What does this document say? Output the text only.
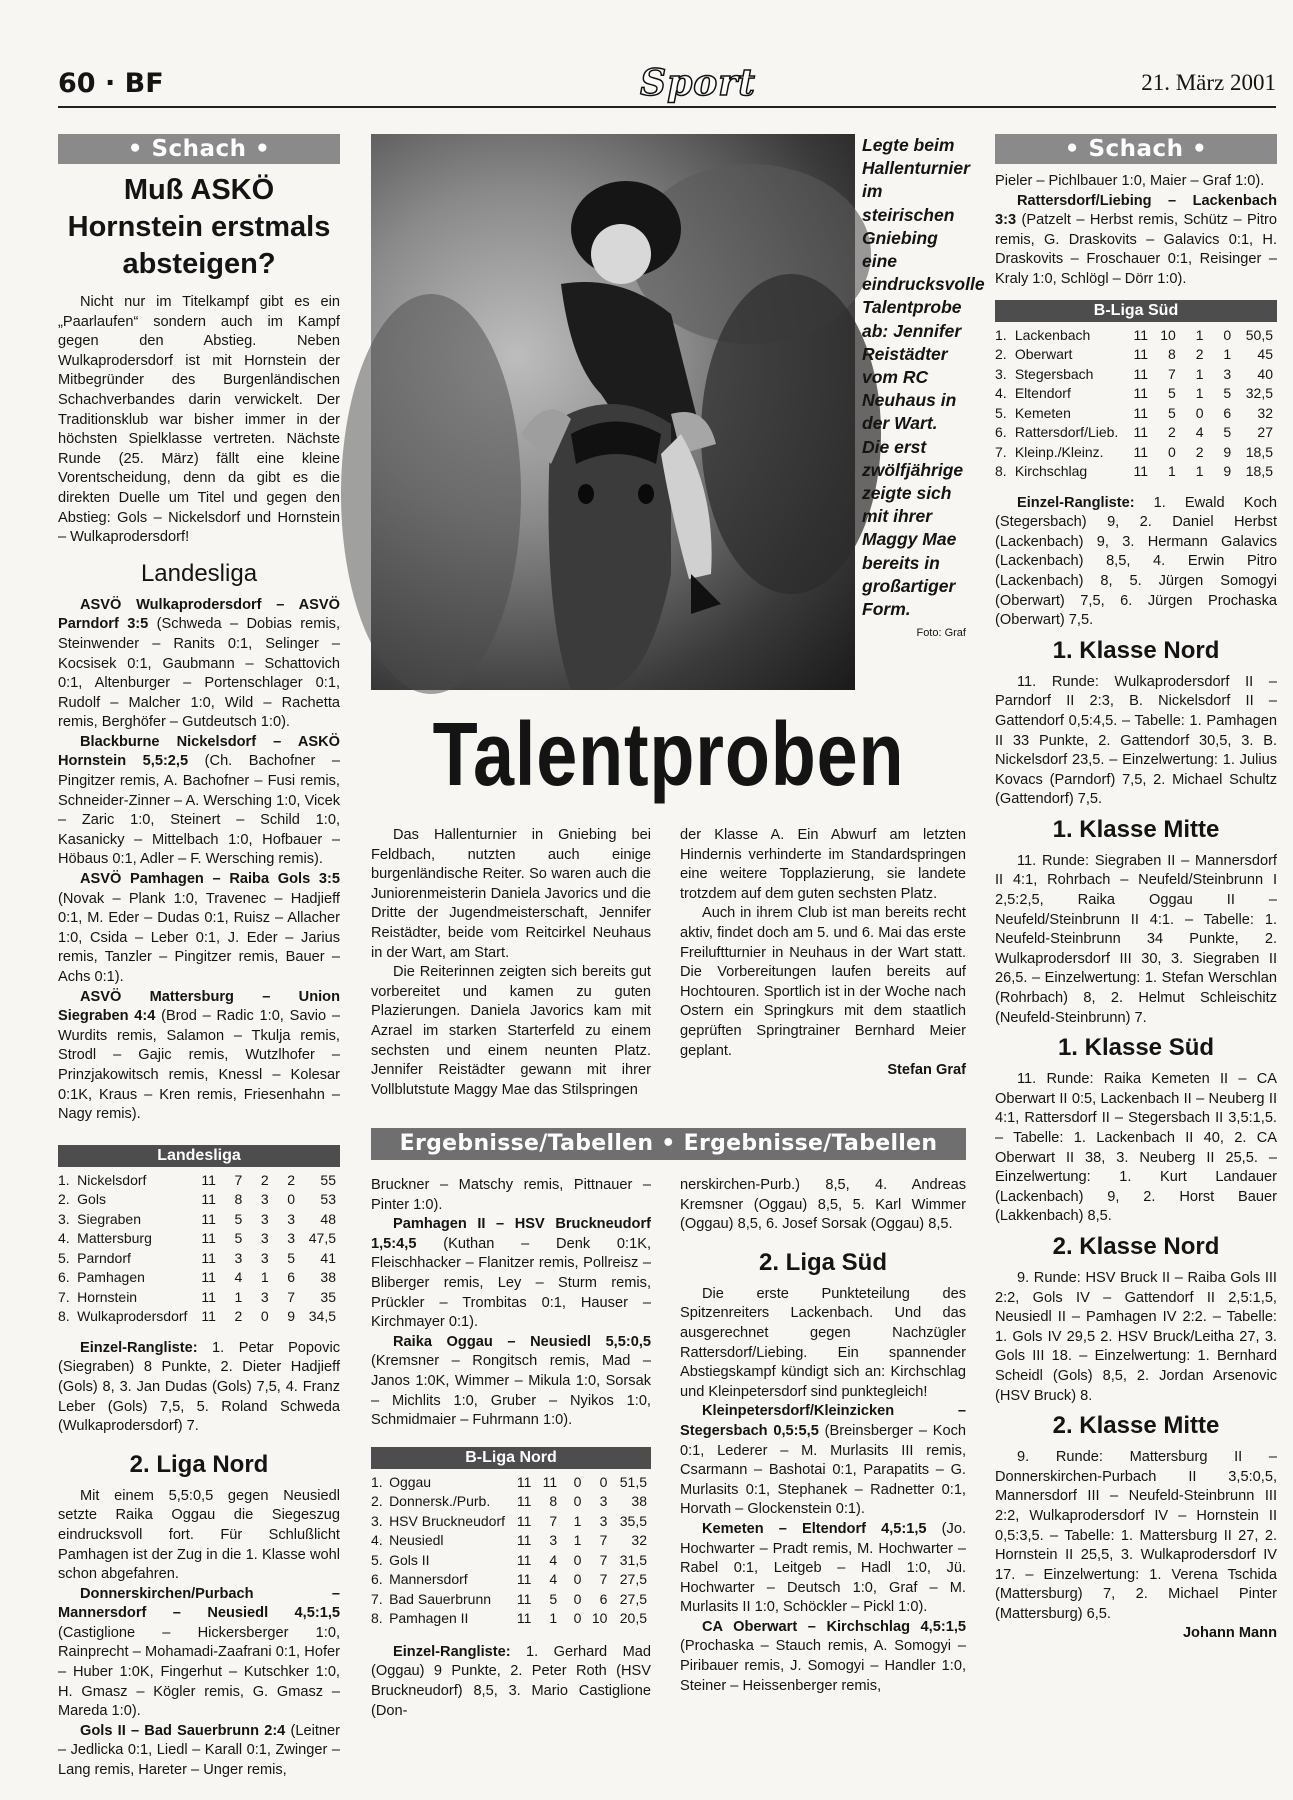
60 · BF	Sport	21. März 2001
• Schach •
Muß ASKÖ Hornstein erstmals absteigen?

Nicht nur im Titelkampf gibt es ein „Paarlaufen“ sondern auch im Kampf gegen den Abstieg. Neben Wulkaprodersdorf ist mit Hornstein der Mitbegründer des Burgenländischen Schachverbandes darin verwickelt. Der Traditionsklub war bisher immer in der höchsten Spielklasse vertreten. Nächste Runde (25. März) fällt eine kleine Vorentscheidung, denn da gibt es die direkten Duelle um Titel und gegen den Abstieg: Gols – Nickelsdorf und Hornstein – Wulkaprodersdorf!

Landesliga

ASVÖ Wulkaprodersdorf – ASVÖ Parndorf 3:5 (Schweda – Dobias remis, Steinwender – Ranits 0:1, Selinger – Kocsisek 0:1, Gaubmann – Schattovich 0:1, Altenburger – Portenschlager 0:1, Rudolf – Malcher 1:0, Wild – Rachetta remis, Berghöfer – Gutdeutsch 1:0).

Blackburne Nickelsdorf – ASKÖ Hornstein 5,5:2,5 (Ch. Bachofner – Pingitzer remis, A. Bachofner – Fusi remis, Schneider-Zinner – A. Wersching 1:0, Vicek – Zaric 1:0, Steinert – Schild 1:0, Kasanicky – Mittelbach 1:0, Hofbauer – Höbaus 0:1, Adler – F. Wersching remis).

ASVÖ Pamhagen – Raiba Gols 3:5 (Novak – Plank 1:0, Travenec – Hadjieff 0:1, M. Eder – Dudas 0:1, Ruisz – Allacher 1:0, Csida – Leber 0:1, J. Eder – Jarius remis, Tanzler – Pingitzer remis, Bauer – Achs 0:1).

ASVÖ Mattersburg – Union Siegraben 4:4 (Brod – Radic 1:0, Savio – Wurdits remis, Salamon – Tkulja remis, Strodl – Gajic remis, Wutzlhofer – Prinzjakowitsch remis, Knessl – Kolesar 0:1K, Kraus – Kren remis, Friesenhahn – Nagy remis).

Landesliga
1.	Nickelsdorf	11	7	2	2	55
2.	Gols	11	8	3	0	53
3.	Siegraben	11	5	3	3	48
4.	Mattersburg	11	5	3	3	47,5
5.	Parndorf	11	3	3	5	41
6.	Pamhagen	11	4	1	6	38
7.	Hornstein	11	1	3	7	35
8.	Wulkaprodersdorf	11	2	0	9	34,5

Einzel-Rangliste: 1. Petar Popovic (Siegraben) 8 Punkte, 2. Dieter Hadjieff (Gols) 8, 3. Jan Dudas (Gols) 7,5, 4. Franz Leber (Gols) 7,5, 5. Roland Schweda (Wulkaprodersdorf) 7.

2. Liga Nord

Mit einem 5,5:0,5 gegen Neusiedl setzte Raika Oggau die Siegeszug eindrucksvoll fort. Für Schlußlicht Pamhagen ist der Zug in die 1. Klasse wohl schon abgefahren.

Donnerskirchen/Purbach – Mannersdorf – Neusiedl 4,5:1,5 (Castiglione – Hickersberger 1:0, Rainprecht – Mohamadi-Zaafrani 0:1, Hofer – Huber 1:0K, Fingerhut – Kutschker 1:0, H. Gmasz – Kögler remis, G. Gmasz – Mareda 1:0).

Gols II – Bad Sauerbrunn 2:4 (Leitner – Jedlicka 0:1, Liedl – Karall 0:1, Zwinger – Lang remis, Hareter – Unger remis,

Legte beim Hallenturnier im steirischen Gniebing eine eindrucksvolle Talentprobe ab: Jennifer Reistädter vom RC Neuhaus in der Wart. Die erst zwölfjährige zeigte sich mit ihrer Maggy Mae bereits in großartiger Form.
Foto: Graf
Talentproben

Das Hallenturnier in Gniebing bei Feldbach, nutzten auch einige burgenländische Reiter. So waren auch die Juniorenmeisterin Daniela Javorics und die Dritte der Jugendmeisterschaft, Jennifer Reistädter, beide vom Reitcirkel Neuhaus in der Wart, am Start.

Die Reiterinnen zeigten sich bereits gut vorbereitet und kamen zu guten Plazierungen. Daniela Javorics kam mit Azrael im starken Starterfeld zu einem sechsten und einem neunten Platz. Jennifer Reistädter gewann mit ihrer Vollblutstute Maggy Mae das Stilspringen

der Klasse A. Ein Abwurf am letzten Hindernis verhinderte im Standardspringen eine weitere Topplazierung, sie landete trotzdem auf dem guten sechsten Platz.

Auch in ihrem Club ist man bereits recht aktiv, findet doch am 5. und 6. Mai das erste Freiluftturnier in Neuhaus in der Wart statt. Die Vorbereitungen laufen bereits auf Hochtouren. Sportlich ist in der Woche nach Ostern ein Springkurs mit dem staatlich geprüften Springtrainer Bernhard Meier geplant.

Stefan Graf
Ergebnisse/Tabellen • Ergebnisse/Tabellen

Bruckner – Matschy remis, Pittnauer – Pinter 1:0).

Pamhagen II – HSV Bruckneudorf 1,5:4,5 (Kuthan – Denk 0:1K, Fleischhacker – Flanitzer remis, Pollreisz – Bliberger remis, Ley – Sturm remis, Prückler – Trombitas 0:1, Hauser – Kirchmayer 0:1).

Raika Oggau – Neusiedl 5,5:0,5 (Kremsner – Rongitsch remis, Mad – Janos 1:0K, Wimmer – Mikula 1:0, Sorsak – Michlits 1:0, Gruber – Nyikos 1:0, Schmidmaier – Fuhrmann 1:0).

B-Liga Nord
1.	Oggau	11	11	0	0	51,5
2.	Donnersk./Purb.	11	8	0	3	38
3.	HSV Bruckneudorf	11	7	1	3	35,5
4.	Neusiedl	11	3	1	7	32
5.	Gols II	11	4	0	7	31,5
6.	Mannersdorf	11	4	0	7	27,5
7.	Bad Sauerbrunn	11	5	0	6	27,5
8.	Pamhagen II	11	1	0	10	20,5

Einzel-Rangliste: 1. Gerhard Mad (Oggau) 9 Punkte, 2. Peter Roth (HSV Bruckneudorf) 8,5, 3. Mario Castiglione (Don-

nerskirchen-Purb.) 8,5, 4. Andreas Kremsner (Oggau) 8,5, 5. Karl Wimmer (Oggau) 8,5, 6. Josef Sorsak (Oggau) 8,5.

2. Liga Süd

Die erste Punkteteilung des Spitzenreiters Lackenbach. Und das ausgerechnet gegen Nachzügler Rattersdorf/Liebing. Ein spannender Abstiegskampf kündigt sich an: Kirchschlag und Kleinpetersdorf sind punktegleich!

Kleinpetersdorf/Kleinzicken – Stegersbach 0,5:5,5 (Breinsberger – Koch 0:1, Lederer – M. Murlasits III remis, Csarmann – Bashotai 0:1, Parapatits – G. Murlasits 0:1, Stephanek – Radnetter 0:1, Horvath – Glockenstein 0:1).

Kemeten – Eltendorf 4,5:1,5 (Jo. Hochwarter – Pradt remis, M. Hochwarter – Rabel 0:1, Leitgeb – Hadl 1:0, Jü. Hochwarter – Deutsch 1:0, Graf – M. Murlasits II 1:0, Schöckler – Pickl 1:0).

CA Oberwart – Kirchschlag 4,5:1,5 (Prochaska – Stauch remis, A. Somogyi – Piribauer remis, J. Somogyi – Handler 1:0, Steiner – Heissenberger remis,

• Schach •

Pieler – Pichlbauer 1:0, Maier – Graf 1:0).

Rattersdorf/Liebing – Lackenbach 3:3 (Patzelt – Herbst remis, Schütz – Pitro remis, G. Draskovits – Galavics 0:1, H. Draskovits – Froschauer 0:1, Reisinger – Kraly 1:0, Schlögl – Dörr 1:0).

B-Liga Süd
1.	Lackenbach	11	10	1	0	50,5
2.	Oberwart	11	8	2	1	45
3.	Stegersbach	11	7	1	3	40
4.	Eltendorf	11	5	1	5	32,5
5.	Kemeten	11	5	0	6	32
6.	Rattersdorf/Lieb.	11	2	4	5	27
7.	Kleinp./Kleinz.	11	0	2	9	18,5
8.	Kirchschlag	11	1	1	9	18,5

Einzel-Rangliste: 1. Ewald Koch (Stegersbach) 9, 2. Daniel Herbst (Lackenbach) 9, 3. Hermann Galavics (Lackenbach) 8,5, 4. Erwin Pitro (Lackenbach) 8, 5. Jürgen Somogyi (Oberwart) 7,5, 6. Jürgen Prochaska (Oberwart) 7,5.

1. Klasse Nord

11. Runde: Wulkaprodersdorf II – Parndorf II 2:3, B. Nickelsdorf II – Gattendorf 0,5:4,5. – Tabelle: 1. Pamhagen II 33 Punkte, 2. Gattendorf 30,5, 3. B. Nickelsdorf 23,5. – Einzelwertung: 1. Julius Kovacs (Parndorf) 7,5, 2. Michael Schultz (Gattendorf) 7,5.

1. Klasse Mitte

11. Runde: Siegraben II – Mannersdorf II 4:1, Rohrbach – Neufeld/Steinbrunn I 2,5:2,5, Raika Oggau II – Neufeld/Steinbrunn II 4:1. – Tabelle: 1. Neufeld-Steinbrunn 34 Punkte, 2. Wulkaprodersdorf III 30, 3. Siegraben II 26,5. – Einzelwertung: 1. Stefan Werschlan (Rohrbach) 8, 2. Helmut Schleischitz (Neufeld-Steinbrunn) 7.

1. Klasse Süd

11. Runde: Raika Kemeten II – CA Oberwart II 0:5, Lackenbach II – Neuberg II 4:1, Rattersdorf II – Stegersbach II 3,5:1,5. – Tabelle: 1. Lackenbach II 40, 2. CA Oberwart II 38, 3. Neuberg II 25,5. – Einzelwertung: 1. Kurt Landauer (Lackenbach) 9, 2. Horst Bauer (Lakkenbach) 8,5.

2. Klasse Nord

9. Runde: HSV Bruck II – Raiba Gols III 2:2, Gols IV – Gattendorf II 2,5:1,5, Neusiedl II – Pamhagen IV 2:2. – Tabelle: 1. Gols IV 29,5 2. HSV Bruck/Leitha 27, 3. Gols III 18. – Einzelwertung: 1. Bernhard Scheidl (Gols) 8,5, 2. Jordan Arsenovic (HSV Bruck) 8.

2. Klasse Mitte

9. Runde: Mattersburg II – Donnerskirchen-Purbach II 3,5:0,5, Mannersdorf III – Neufeld-Steinbrunn III 2:2, Wulkaprodersdorf IV – Hornstein II 0,5:3,5. – Tabelle: 1. Mattersburg II 27, 2. Hornstein II 25,5, 3. Wulkaprodersdorf IV 17. – Einzelwertung: 1. Verena Tschida (Mattersburg) 7, 2. Michael Pinter (Mattersburg) 6,5.

Johann Mann
